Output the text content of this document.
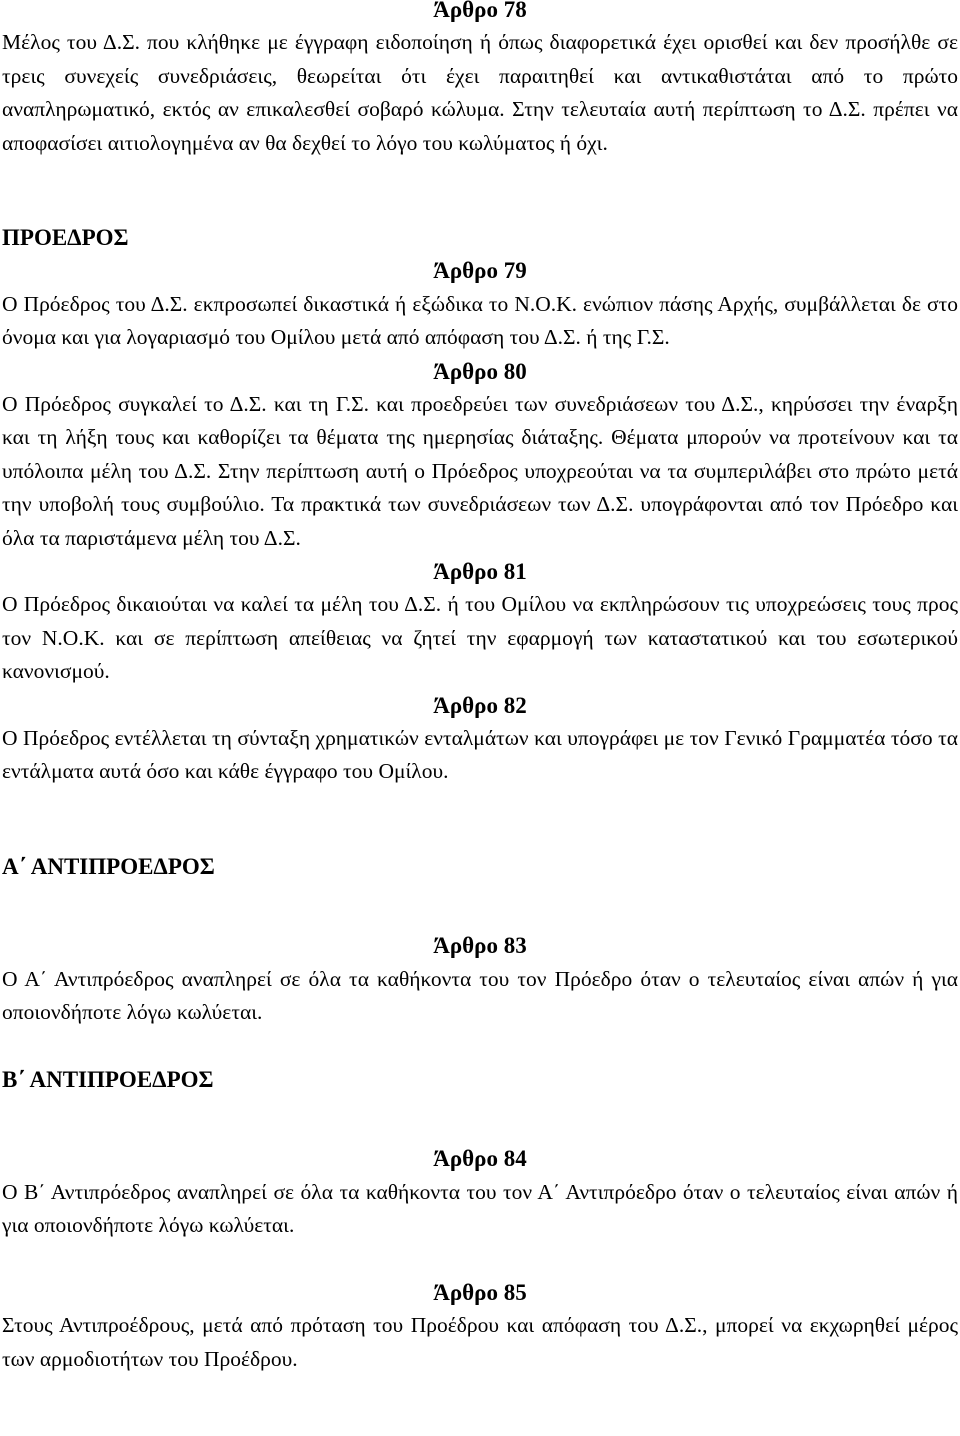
Άρθρο 78

Μέλος του Δ.Σ. που κλήθηκε με έγγραφη ειδοποίηση ή όπως διαφορετικά έχει ορισθεί και δεν προσήλθε σε τρεις συνεχείς συνεδριάσεις, θεωρείται ότι έχει παραιτηθεί και αντικαθιστάται από το πρώτο αναπληρωματικό, εκτός αν επικαλεσθεί σοβαρό κώλυμα. Στην τελευταία αυτή περίπτωση το Δ.Σ. πρέπει να αποφασίσει αιτιολογημένα αν θα δεχθεί το λόγο του κωλύματος ή όχι.

ΠΡΟΕΔΡΟΣ
Άρθρο 79

Ο Πρόεδρος του Δ.Σ. εκπροσωπεί δικαστικά ή εξώδικα το Ν.Ο.Κ. ενώπιον πάσης Αρχής, συμβάλλεται δε στο όνομα και για λογαριασμό του Ομίλου μετά από απόφαση του Δ.Σ. ή της Γ.Σ.

Άρθρο 80

Ο Πρόεδρος συγκαλεί το Δ.Σ. και τη Γ.Σ. και προεδρεύει των συνεδριάσεων του Δ.Σ., κηρύσσει την έναρξη και τη λήξη τους και καθορίζει τα θέματα της ημερησίας διάταξης. Θέματα μπορούν να προτείνουν και τα υπόλοιπα μέλη του Δ.Σ. Στην περίπτωση αυτή ο Πρόεδρος υποχρεούται να τα συμπεριλάβει στο πρώτο μετά την υποβολή τους συμβούλιο. Τα πρακτικά των συνεδριάσεων των Δ.Σ. υπογράφονται από τον Πρόεδρο και όλα τα παριστάμενα μέλη του Δ.Σ.

Άρθρο 81

Ο Πρόεδρος δικαιούται να καλεί τα μέλη του Δ.Σ. ή του Ομίλου να εκπληρώσουν τις υποχρεώσεις τους προς τον Ν.Ο.Κ. και σε περίπτωση απείθειας να ζητεί την εφαρμογή των καταστατικού και του εσωτερικού κανονισμού.

Άρθρο 82

Ο Πρόεδρος εντέλλεται τη σύνταξη χρηματικών ενταλμάτων και υπογράφει με τον Γενικό Γραμματέα τόσο τα εντάλματα αυτά όσο και κάθε έγγραφο του Ομίλου.

Α΄ ΑΝΤΙΠΡΟΕΔΡΟΣ
Άρθρο 83

Ο Α΄ Αντιπρόεδρος αναπληρεί σε όλα τα καθήκοντα του τον Πρόεδρο όταν ο τελευταίος είναι απών ή για οποιονδήποτε λόγω κωλύεται.

Β΄ ΑΝΤΙΠΡΟΕΔΡΟΣ
Άρθρο 84

Ο Β΄ Αντιπρόεδρος αναπληρεί σε όλα τα καθήκοντα του τον Α΄ Αντιπρόεδρο όταν ο τελευταίος είναι απών ή για οποιονδήποτε λόγω κωλύεται.

Άρθρο 85

Στους Αντιπροέδρους, μετά από πρόταση του Προέδρου και απόφαση του Δ.Σ., μπορεί να εκχωρηθεί μέρος των αρμοδιοτήτων του Προέδρου.
